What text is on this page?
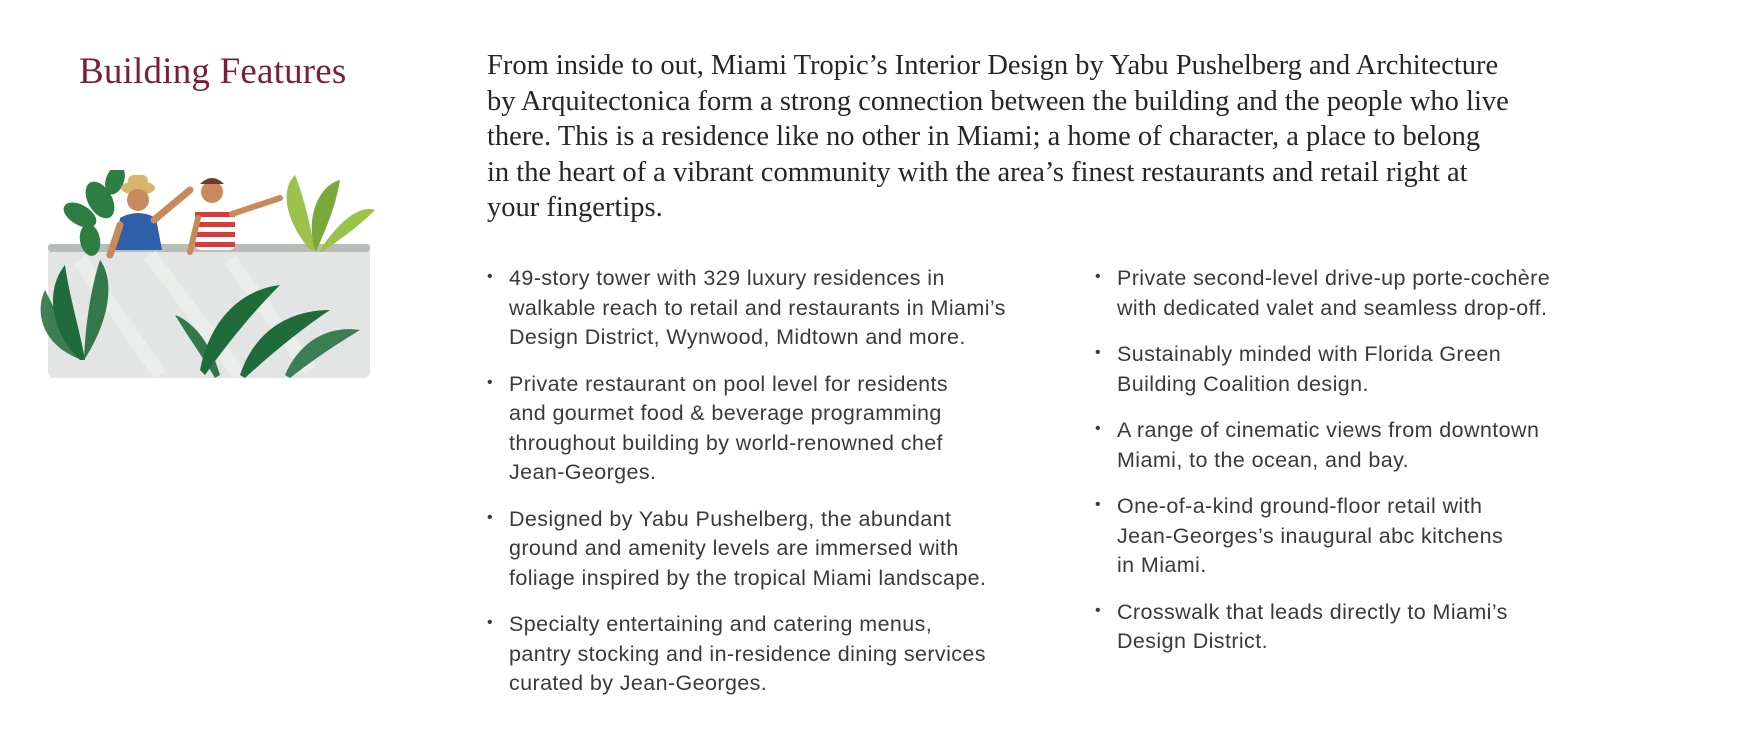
Building Features	From inside to out, Miami Tropic’s Interior Design by Yabu Pushelberg and Architecture
by Arquitectonica form a strong connection between the building and the people who live
there. This is a residence like no other in Miami; a home of character, a place to belong
in the heart of a vibrant community with the area’s finest restaurants and retail right at
your fingertips.

• 49-story tower with 329 luxury residences in
walkable reach to retail and restaurants in Miami’s
Design District, Wynwood, Midtown and more.
• Private restaurant on pool level for residents
and gourmet food & beverage programming
throughout building by world-renowned chef
Jean-Georges.
• Designed by Yabu Pushelberg, the abundant
ground and amenity levels are immersed with
foliage inspired by the tropical Miami landscape.
• Specialty entertaining and catering menus,
pantry stocking and in-residence dining services
curated by Jean-Georges.
• Private second-level drive-up porte-cochère
with dedicated valet and seamless drop-off.
• Sustainably minded with Florida Green
Building Coalition design.
• A range of cinematic views from downtown
Miami, to the ocean, and bay.
• One-of-a-kind ground-floor retail with
Jean-Georges’s inaugural abc kitchens
in Miami.
• Crosswalk that leads directly to Miami’s
Design District.
